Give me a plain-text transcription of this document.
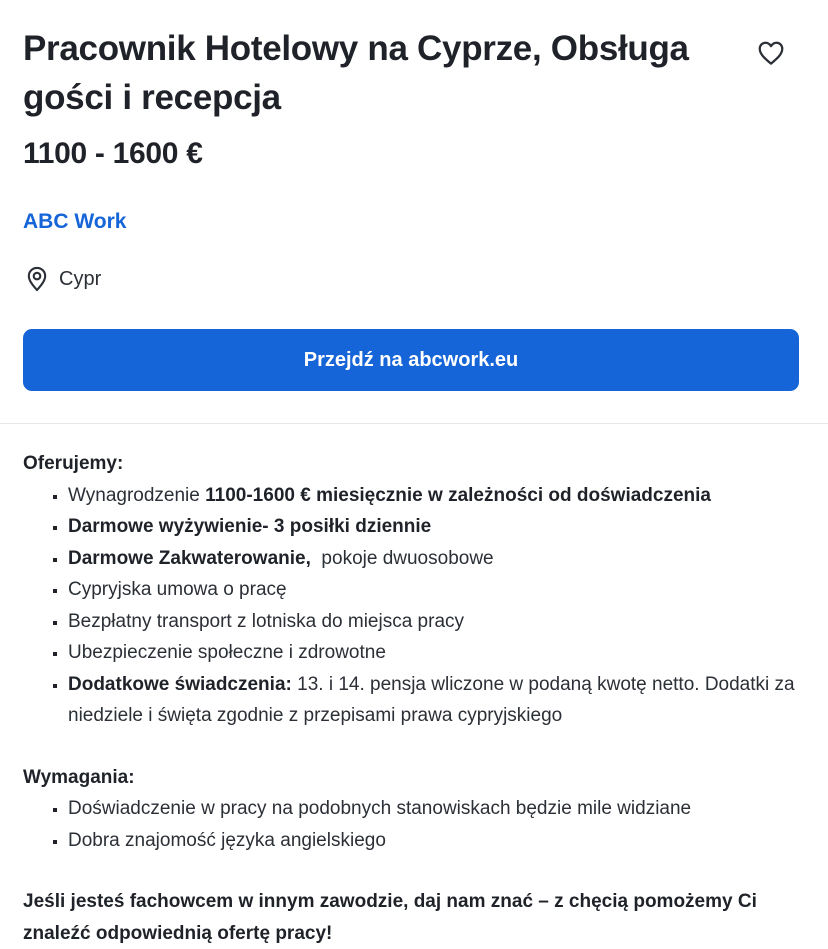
Pracownik Hotelowy na Cyprze, Obsługa gości i recepcja
1100 - 1600 €
ABC Work
Cypr
Przejdź na abcwork.eu
Oferujemy:
▪ Wynagrodzenie 1100-1600 € miesięcznie w zależności od doświadczenia
▪ Darmowe wyżywienie- 3 posiłki dziennie
▪ Darmowe Zakwaterowanie,  pokoje dwuosobowe
▪ Cypryjska umowa o pracę
▪ Bezpłatny transport z lotniska do miejsca pracy
▪ Ubezpieczenie społeczne i zdrowotne
▪ Dodatkowe świadczenia: 13. i 14. pensja wliczone w podaną kwotę netto. Dodatki za niedziele i święta zgodnie z przepisami prawa cypryjskiego
Wymagania:
▪ Doświadczenie w pracy na podobnych stanowiskach będzie mile widziane
▪ Dobra znajomość języka angielskiego

Jeśli jesteś fachowcem w innym zawodzie, daj nam znać – z chęcią pomożemy Ci znaleźć odpowiednią ofertę pracy!
